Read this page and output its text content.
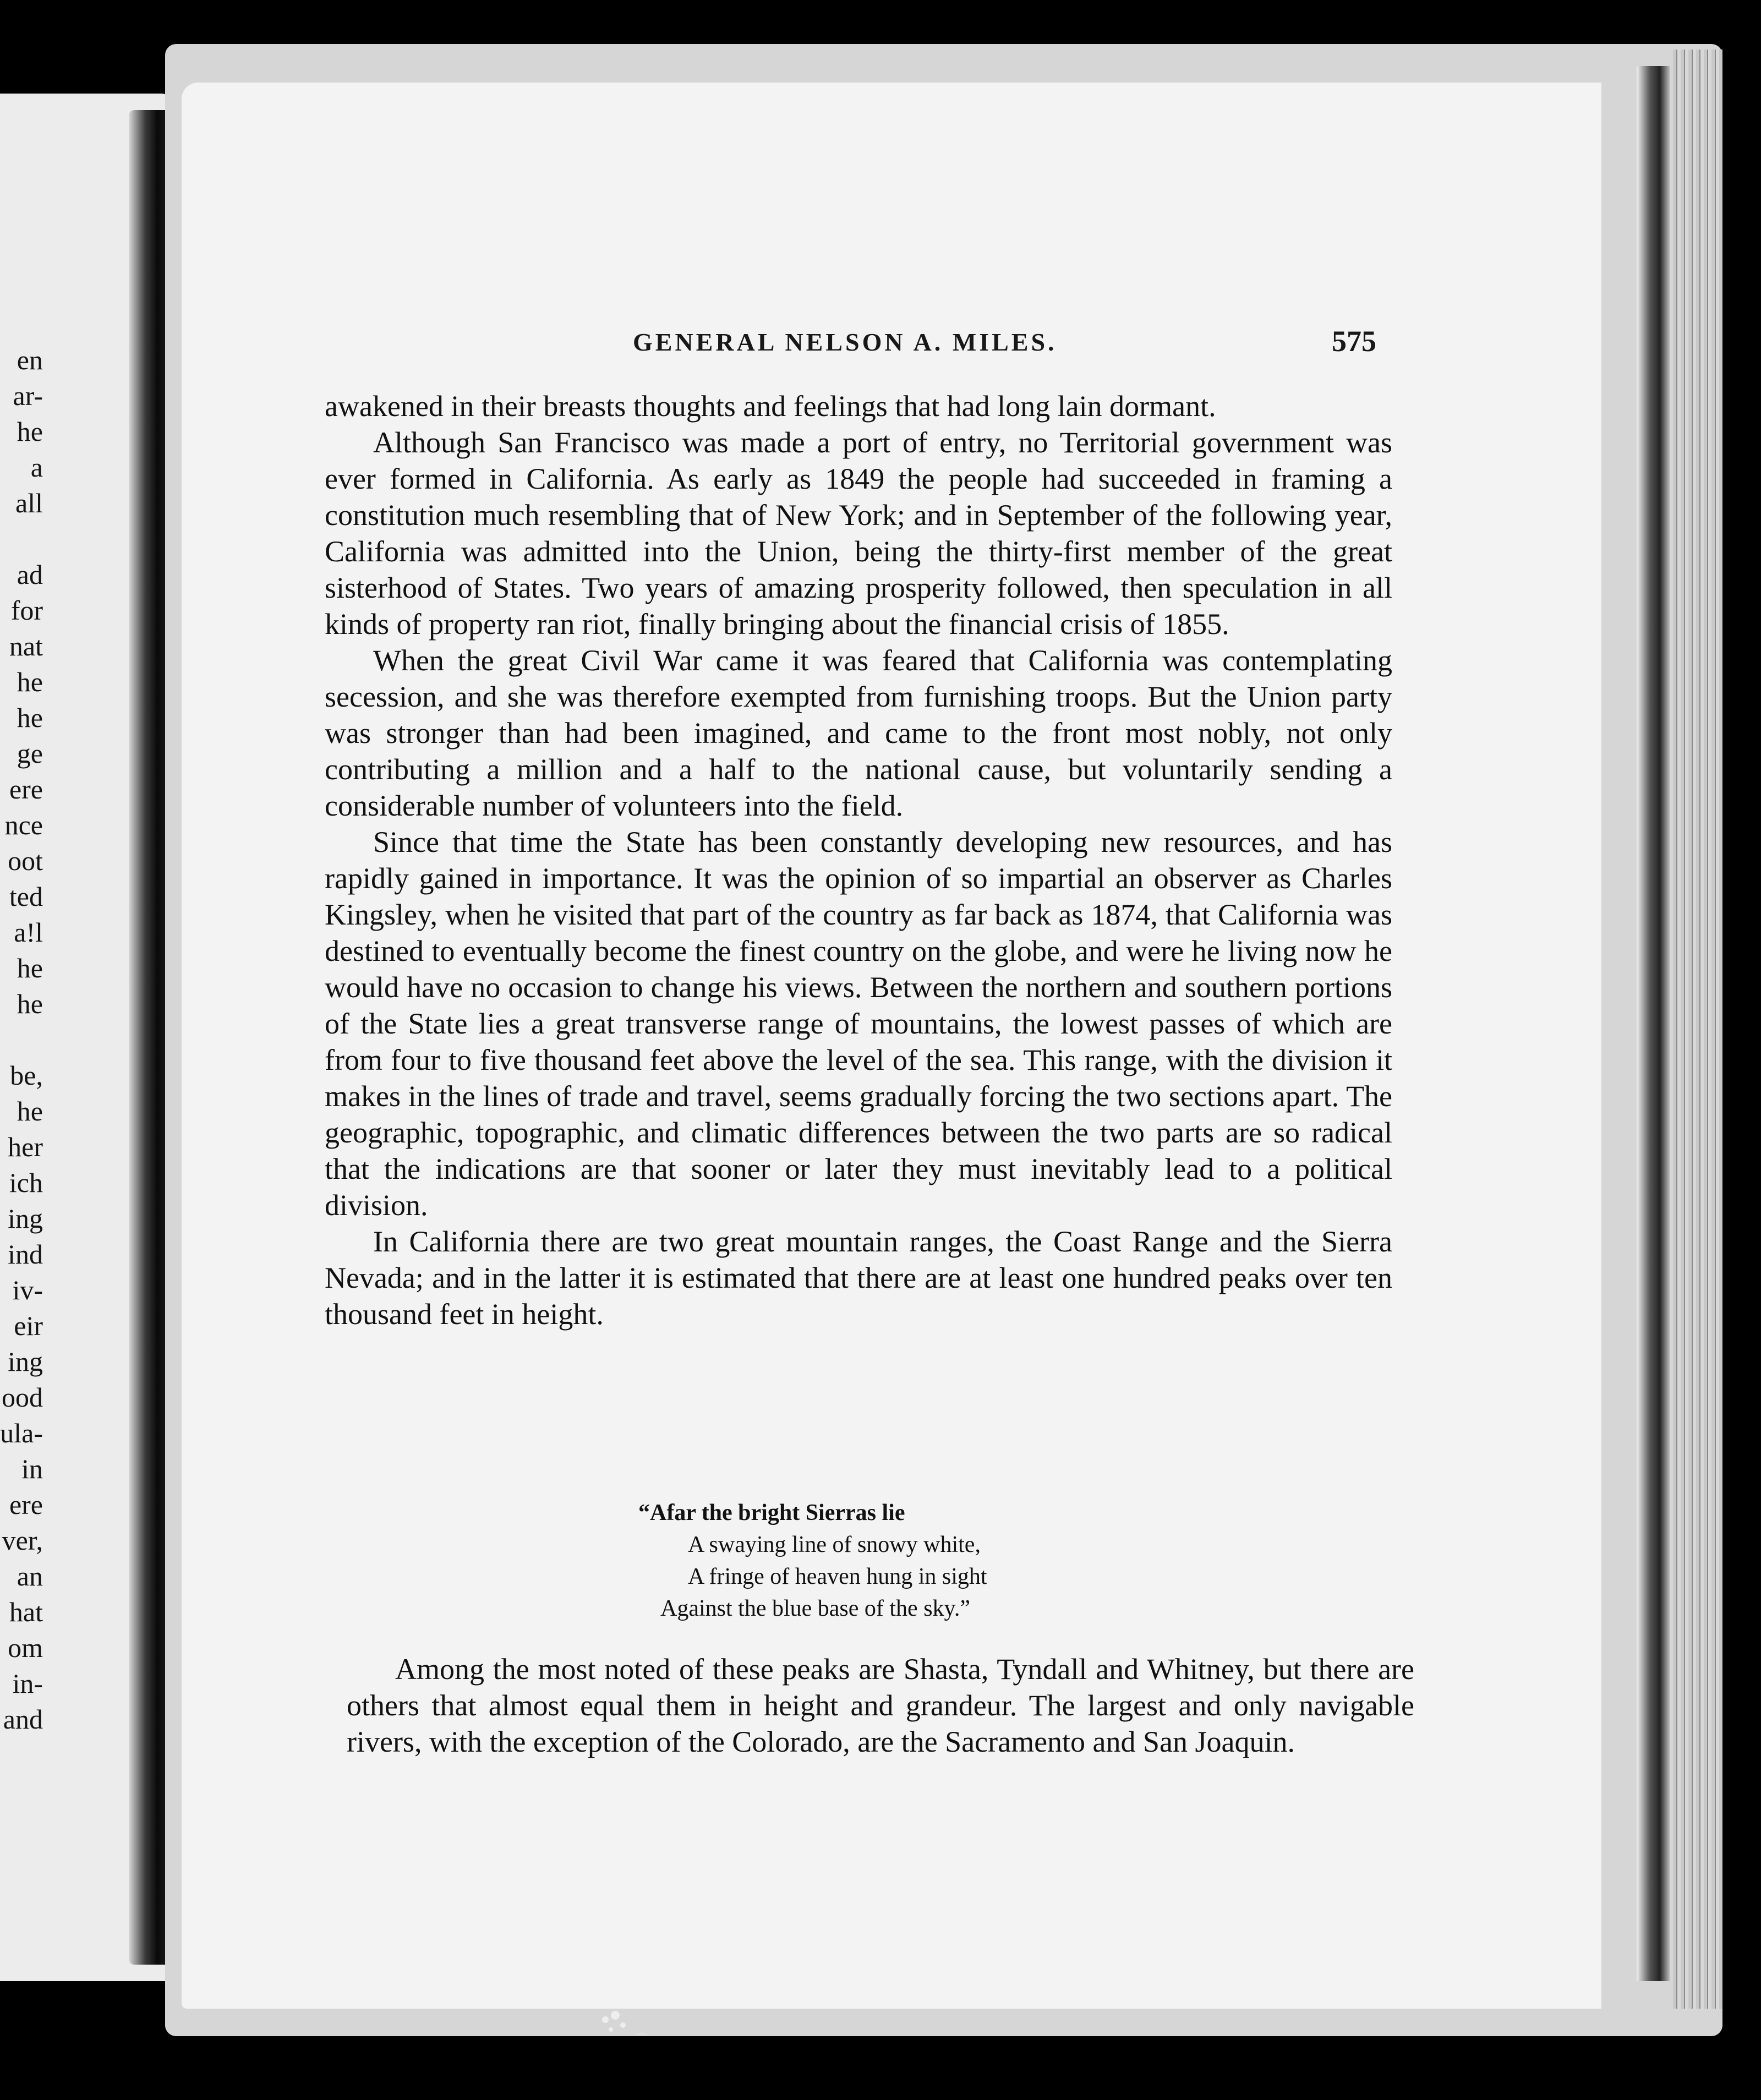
en
ar-
he
a
all
ad
for
nat
he
he
ge
ere
nce
oot
ted
a!l
he
he
be,
he
her
ich
ing
ind
iv-
eir
ing
ood
ula-
in
ere
ver,
an
hat
om
in-
and
GENERAL NELSON A. MILES.	575

awakened in their breasts thoughts and feelings that had long lain dormant.

Although San Francisco was made a port of entry, no Territorial government was ever formed in California. As early as 1849 the people had succeeded in framing a constitution much resembling that of New York; and in September of the following year, California was admitted into the Union, being the thirty-first member of the great sisterhood of States. Two years of amazing prosperity followed, then speculation in all kinds of property ran riot, finally bringing about the financial crisis of 1855.

When the great Civil War came it was feared that California was contemplating secession, and she was therefore exempted from furnishing troops. But the Union party was stronger than had been imagined, and came to the front most nobly, not only contributing a million and a half to the national cause, but voluntarily sending a considerable number of volunteers into the field.

Since that time the State has been constantly developing new resources, and has rapidly gained in importance. It was the opinion of so impartial an observer as Charles Kingsley, when he visited that part of the country as far back as 1874, that California was destined to eventually become the finest country on the globe, and were he living now he would have no occasion to change his views. Between the northern and southern portions of the State lies a great transverse range of mountains, the lowest passes of which are from four to five thousand feet above the level of the sea. This range, with the division it makes in the lines of trade and travel, seems gradually forcing the two sections apart. The geographic, topographic, and climatic differences between the two parts are so radical that the indications are that sooner or later they must inevitably lead to a political division.

In California there are two great mountain ranges, the Coast Range and the Sierra Nevada; and in the latter it is estimated that there are at least one hundred peaks over ten thousand feet in height.

“Afar the bright Sierras lie
A swaying line of snowy white,
A fringe of heaven hung in sight
Against the blue base of the sky.”

Among the most noted of these peaks are Shasta, Tyndall and Whitney, but there are others that almost equal them in height and grandeur. The largest and only navigable rivers, with the exception of the Colorado, are the Sacramento and San Joaquin.
